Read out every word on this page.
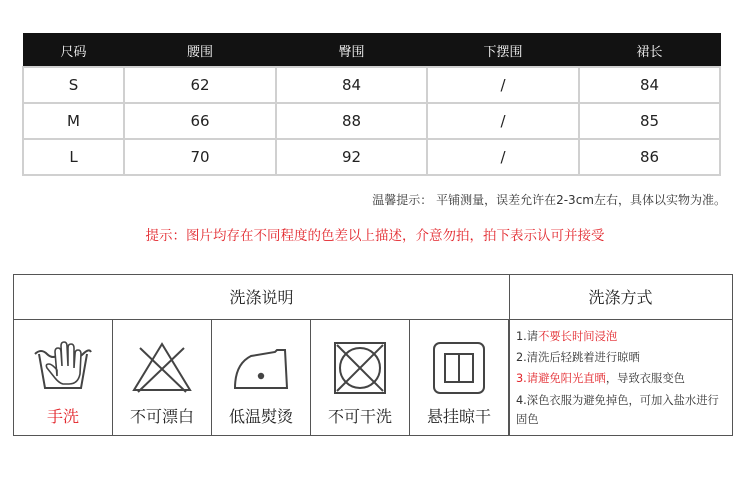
尺码	腰围	臀围	下摆围	裙长
S	62	84	/	84
M	66	88	/	85
L	70	92	/	86
温馨提示： 平铺测量，误差允许在2-3cm左右，具体以实物为准。
提示：图片均存在不同程度的色差以上描述，介意勿拍，拍下表示认可并接受
洗涤说明	洗涤方式
手洗	不可漂白	低温熨烫	不可干洗	悬挂晾干
1.请不要长时间浸泡
2.清洗后轻跳着进行晾晒
3.请避免阳光直晒，导致衣服变色
4.深色衣服为避免掉色，可加入盐水进行固色
